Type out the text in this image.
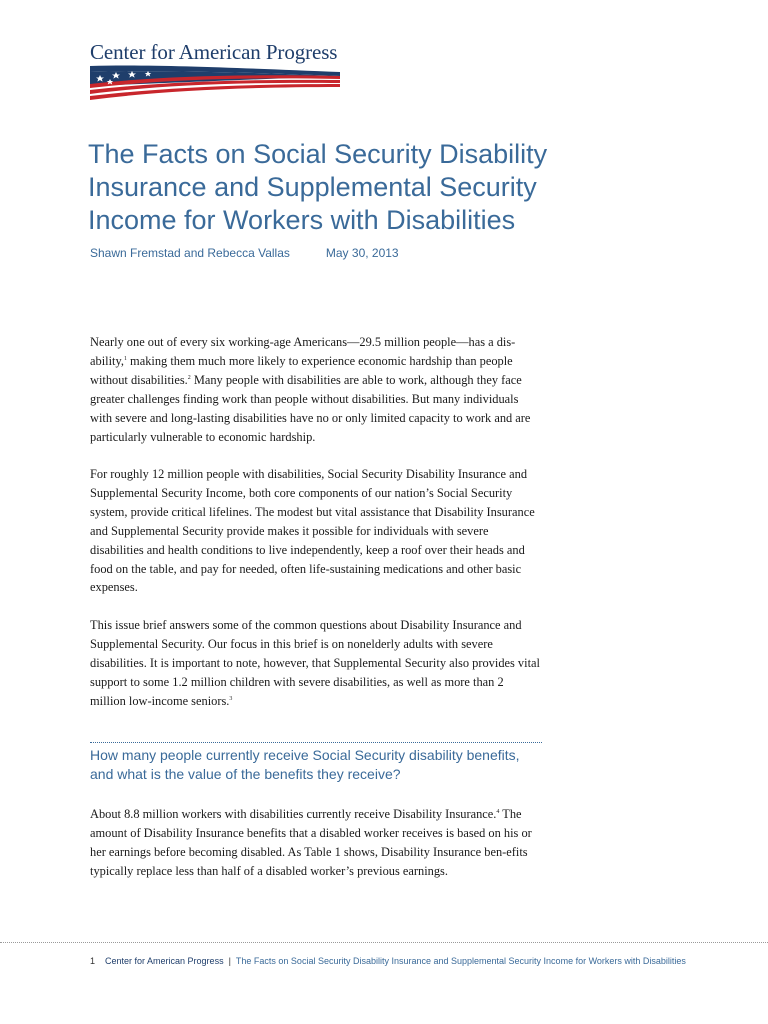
Center for American Progress
The Facts on Social Security Disability
Insurance and Supplemental Security
Income for Workers with Disabilities
Shawn Fremstad and Rebecca Vallas	May 30, 2013

Nearly one out of every six working-age Americans—29.5 million people—has a dis-ability,$^1$ making them much more likely to experience economic hardship than people without disabilities.$^2$ Many people with disabilities are able to work, although they face greater challenges finding work than people without disabilities. But many individuals with severe and long-lasting disabilities have no or only limited capacity to work and are particularly vulnerable to economic hardship.

For roughly 12 million people with disabilities, Social Security Disability Insurance and Supplemental Security Income, both core components of our nation’s Social Security system, provide critical lifelines. The modest but vital assistance that Disability Insurance and Supplemental Security provide makes it possible for individuals with severe disabilities and health conditions to live independently, keep a roof over their heads and food on the table, and pay for needed, often life-sustaining medications and other basic expenses.

This issue brief answers some of the common questions about Disability Insurance and Supplemental Security. Our focus in this brief is on nonelderly adults with severe disabilities. It is important to note, however, that Supplemental Security also provides vital support to some 1.2 million children with severe disabilities, as well as more than 2 million low-income seniors.$^3$

How many people currently receive Social Security disability benefits, and what is the value of the benefits they receive?

About 8.8 million workers with disabilities currently receive Disability Insurance.$^4$ The amount of Disability Insurance benefits that a disabled worker receives is based on his or her earnings before becoming disabled. As Table 1 shows, Disability Insurance ben-efits typically replace less than half of a disabled worker’s previous earnings.

1 Center for American Progress | The Facts on Social Security Disability Insurance and Supplemental Security Income for Workers with Disabilities
